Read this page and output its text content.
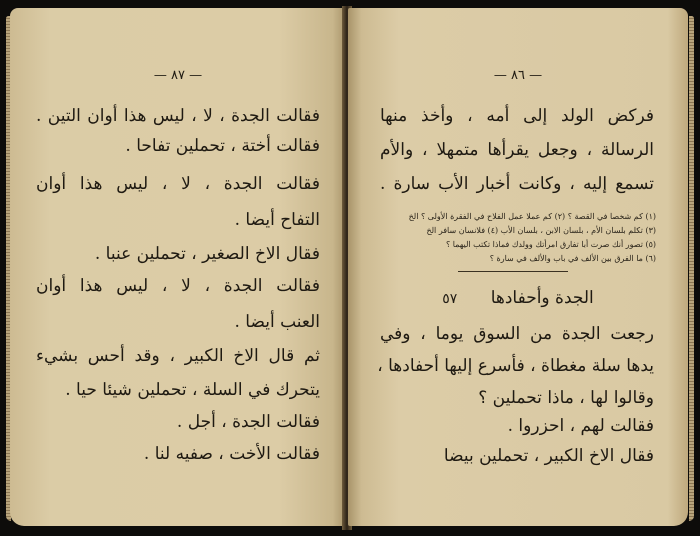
— ٨٧ —
فقالت الجدة ، لا ، ليس هذا أوان التين .
فقالت أختة ، تحملين تفاحا .
فقالت الجدة ، لا ، ليس هذا أوان
التفاح أيضا .
فقال الاخ الصغير ، تحملين عنبا .
فقالت الجدة ، لا ، ليس هذا أوان
العنب أيضا .
ثم قال الاخ الكبير ، وقد أحس بشيء
يتحرك في السلة ، تحملين شيئا حيا .
فقالت الجدة ، أجل .
فقالت الأخت ، صفيه لنا .
— ٨٦ —
فركض الولد إلى أمه ، وأخذ منها
الرسالة ، وجعل يقرأها متمهلا ، والأم
تسمع إليه ، وكانت أخبار الأب سارة .
(١) كم شخصا في القصة ؟ (٢) كم عملا عمل الفلاح في الفقرة الأولى ؟ الخ
(٣) تكلم بلسان الأم ، بلسان الابن ، بلسان الأب (٤) فلانسان سافر الخ
(٥) تصور أنك صرت أبا تفارق امرأتك وولدك فماذا تكتب اليهما ؟
(٦) ما الفرق بين الألف في باب والألف في سارة ؟
الجدة وأحفادها ٥٧
رجعت الجدة من السوق يوما ، وفي
يدها سلة مغطاة ، فأسرع إليها أحفادها ،
وقالوا لها ، ماذا تحملين ؟
فقالت لهم ، احزروا .
فقال الاخ الكبير ، تحملين بيضا
